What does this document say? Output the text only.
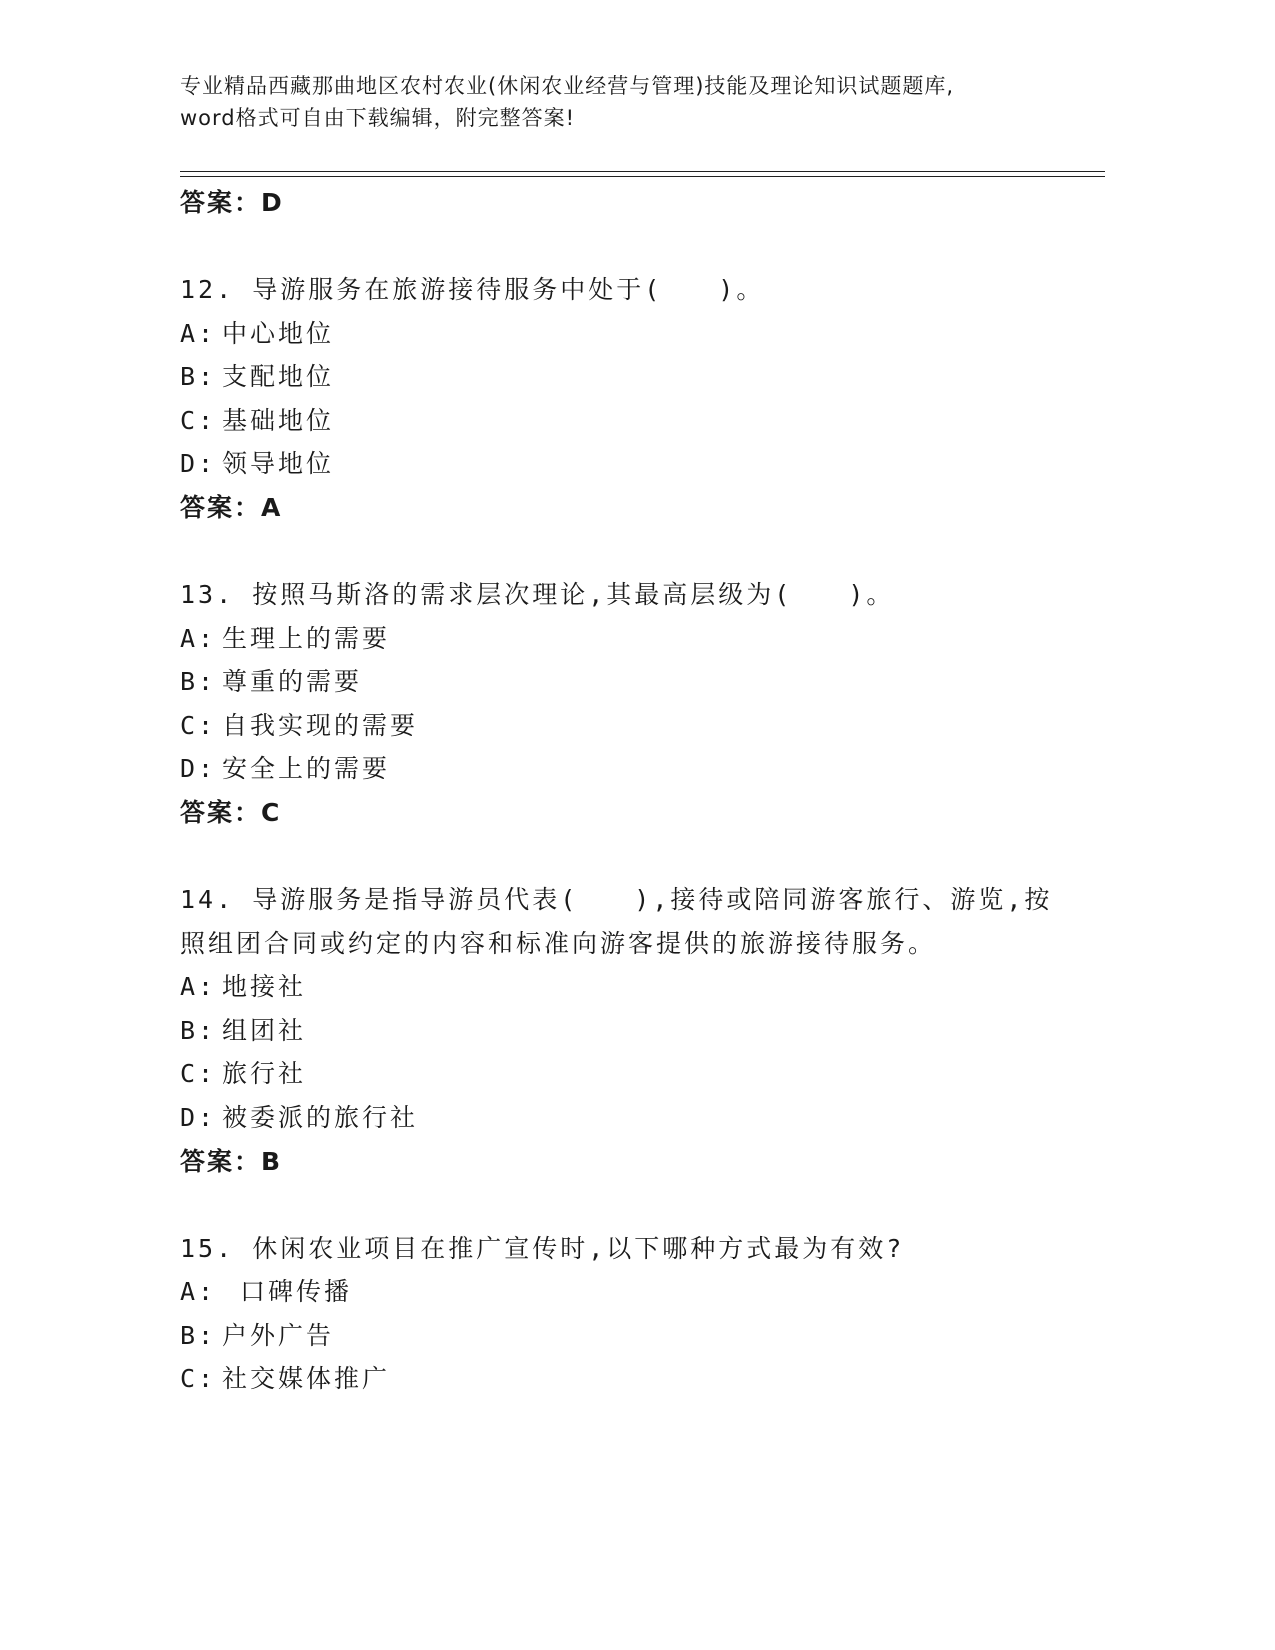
专业精品西藏那曲地区农村农业(休闲农业经营与管理)技能及理论知识试题题库,
word格式可自由下载编辑，附完整答案!
答案：D
12. 导游服务在旅游接待服务中处于(　　)。
A: 中心地位
B: 支配地位
C: 基础地位
D: 领导地位
答案：A
13. 按照马斯洛的需求层次理论,其最高层级为(　　)。
A: 生理上的需要
B: 尊重的需要
C: 自我实现的需要
D: 安全上的需要
答案：C
14. 导游服务是指导游员代表(　　),接待或陪同游客旅行、游览,按照组团合同或约定的内容和标准向游客提供的旅游接待服务。
A: 地接社
B: 组团社
C: 旅行社
D: 被委派的旅行社
答案：B
15. 休闲农业项目在推广宣传时,以下哪种方式最为有效?
A: 口碑传播
B: 户外广告
C: 社交媒体推广
